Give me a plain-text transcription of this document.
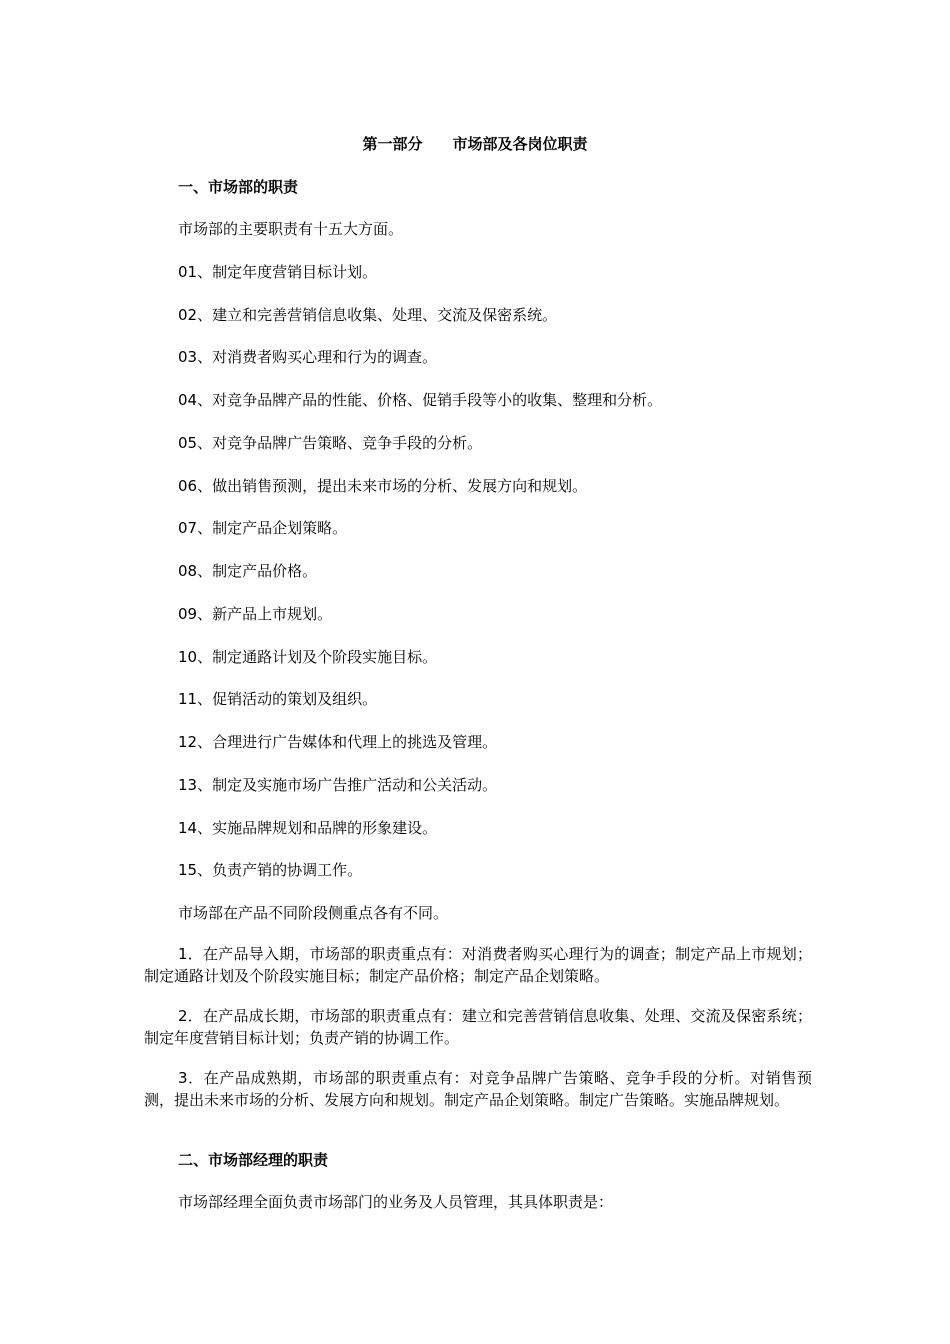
第一部分　　市场部及各岗位职责
一、市场部的职责
市场部的主要职责有十五大方面。
01、制定年度营销目标计划。
02、建立和完善营销信息收集、处理、交流及保密系统。
03、对消费者购买心理和行为的调查。
04、对竞争品牌产品的性能、价格、促销手段等小的收集、整理和分析。
05、对竞争品牌广告策略、竞争手段的分析。
06、做出销售预测，提出未来市场的分析、发展方向和规划。
07、制定产品企划策略。
08、制定产品价格。
09、新产品上市规划。
10、制定通路计划及个阶段实施目标。
11、促销活动的策划及组织。
12、合理进行广告媒体和代理上的挑选及管理。
13、制定及实施市场广告推广活动和公关活动。
14、实施品牌规划和品牌的形象建设。
15、负责产销的协调工作。
市场部在产品不同阶段侧重点各有不同。
1．在产品导入期，市场部的职责重点有：对消费者购买心理行为的调查；制定产品上市规划；制定通路计划及个阶段实施目标；制定产品价格；制定产品企划策略。
2．在产品成长期，市场部的职责重点有：建立和完善营销信息收集、处理、交流及保密系统；制定年度营销目标计划；负责产销的协调工作。
3．在产品成熟期，市场部的职责重点有：对竞争品牌广告策略、竞争手段的分析。对销售预测，提出未来市场的分析、发展方向和规划。制定产品企划策略。制定广告策略。实施品牌规划。
二、市场部经理的职责
市场部经理全面负责市场部门的业务及人员管理，其具体职责是：
